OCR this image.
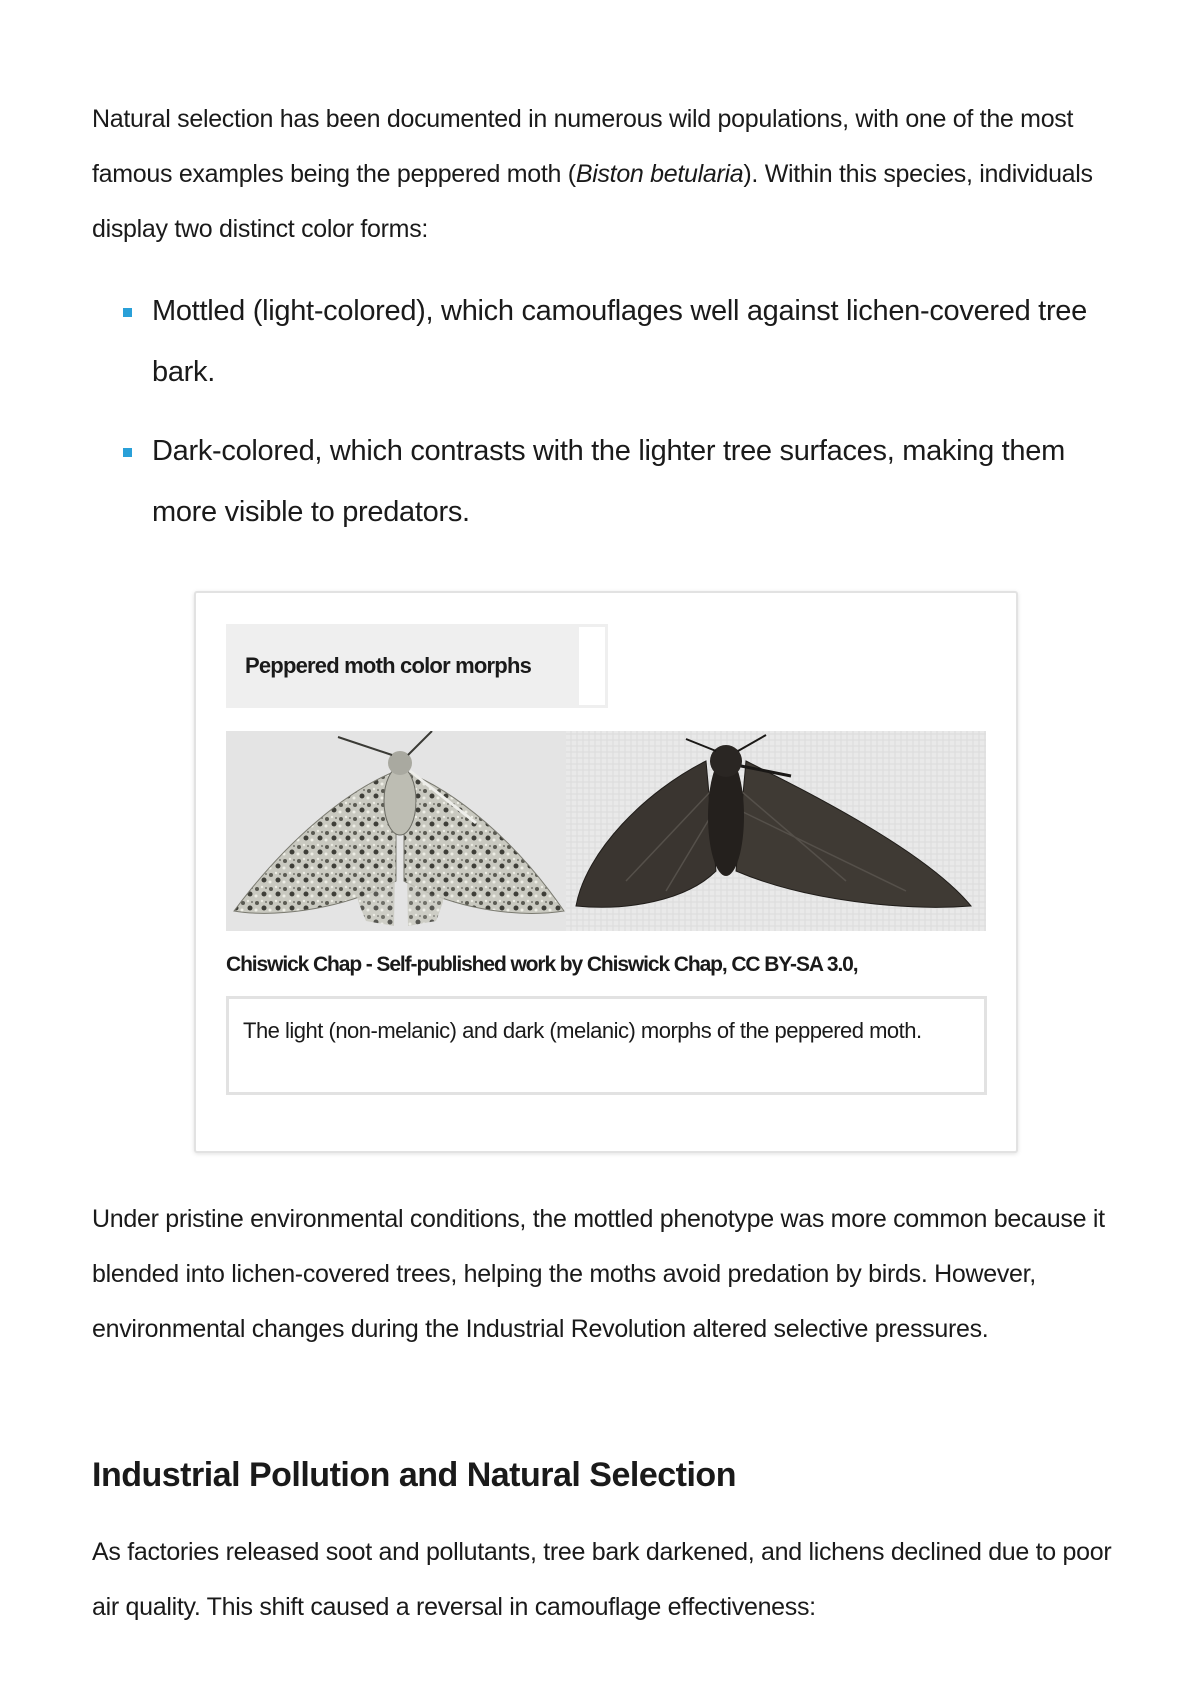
Natural selection has been documented in numerous wild populations, with one of the most famous examples being the peppered moth (Biston betularia). Within this species, individuals display two distinct color forms:

Mottled (light-colored), which camouflages well against lichen-covered tree bark.
Dark-colored, which contrasts with the lighter tree surfaces, making them more visible to predators.
Peppered moth color morphs
Chiswick Chap - Self-published work by Chiswick Chap, CC BY-SA 3.0,
The light (non-melanic) and dark (melanic) morphs of the peppered moth.

Under pristine environmental conditions, the mottled phenotype was more common because it blended into lichen-covered trees, helping the moths avoid predation by birds. However, environmental changes during the Industrial Revolution altered selective pressures.

Industrial Pollution and Natural Selection

As factories released soot and pollutants, tree bark darkened, and lichens declined due to poor air quality. This shift caused a reversal in camouflage effectiveness:
